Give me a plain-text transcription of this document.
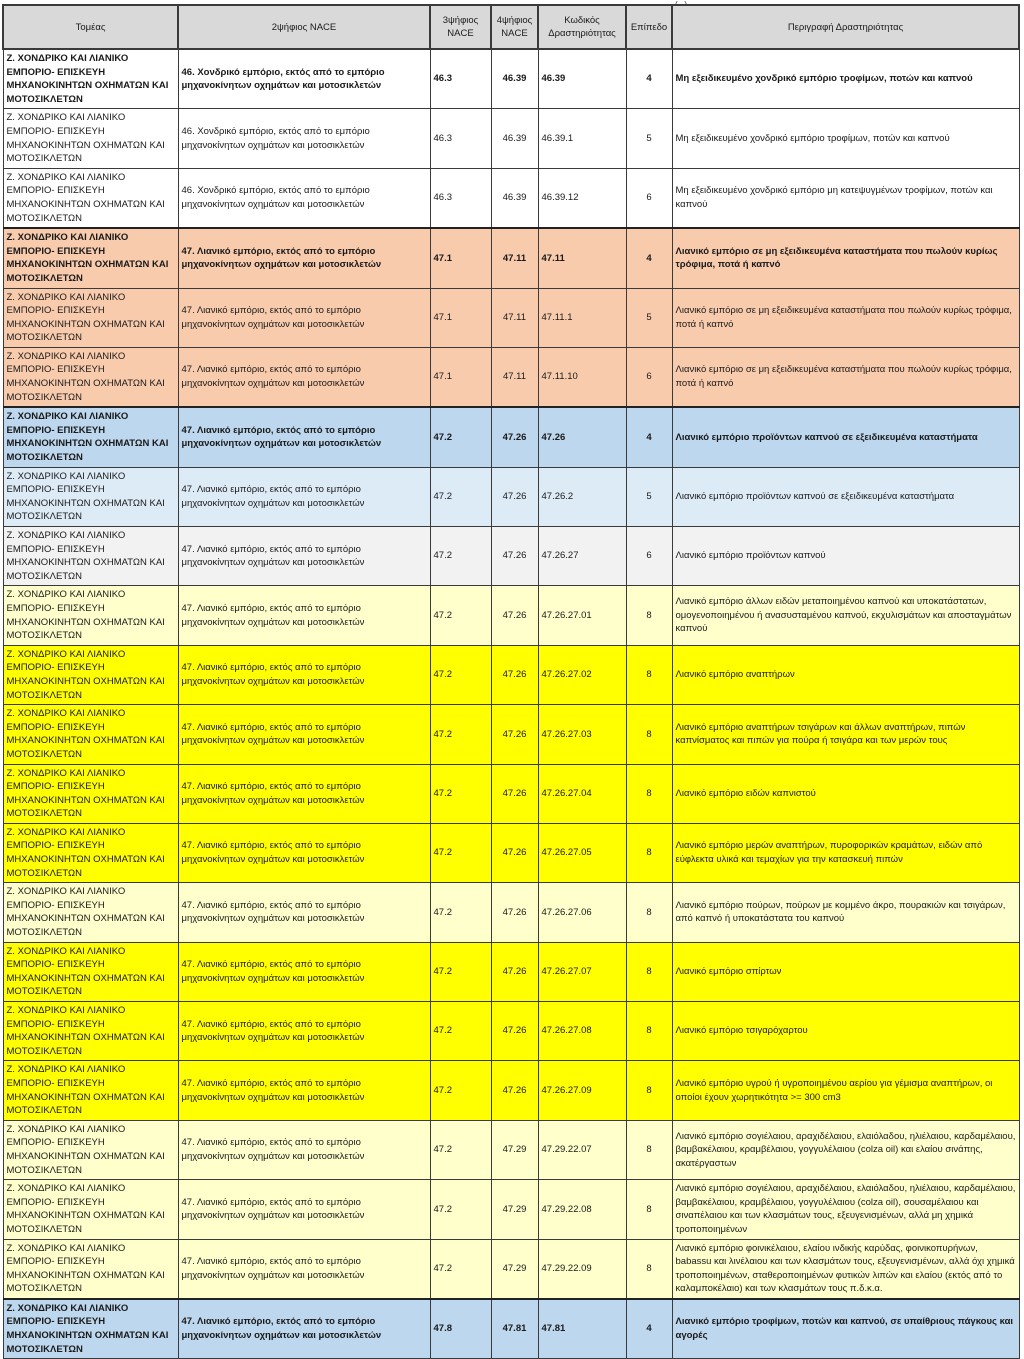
Τομέας	2ψήφιος NACE	3ψήφιος NACE	4ψήφιος NACE	Κωδικός Δραστηριότητας	Επίπεδο	Περιγραφή Δραστηριότητας
Ζ. ΧΟΝΔΡΙΚΟ ΚΑΙ ΛΙΑΝΙΚΟ ΕΜΠΟΡΙΟ- ΕΠΙΣΚΕΥΗ ΜΗΧΑΝΟΚΙΝΗΤΩΝ ΟΧΗΜΑΤΩΝ ΚΑΙ ΜΟΤΟΣΙΚΛΕΤΩΝ	46. Χονδρικό εμπόριο, εκτός από το εμπόριο μηχανοκίνητων οχημάτων και μοτοσικλετών	46.3	46.39	46.39	4	Μη εξειδικευμένο χονδρικό εμπόριο τροφίμων, ποτών και καπνού
Ζ. ΧΟΝΔΡΙΚΟ ΚΑΙ ΛΙΑΝΙΚΟ ΕΜΠΟΡΙΟ- ΕΠΙΣΚΕΥΗ ΜΗΧΑΝΟΚΙΝΗΤΩΝ ΟΧΗΜΑΤΩΝ ΚΑΙ ΜΟΤΟΣΙΚΛΕΤΩΝ	46. Χονδρικό εμπόριο, εκτός από το εμπόριο μηχανοκίνητων οχημάτων και μοτοσικλετών	46.3	46.39	46.39.1	5	Μη εξειδικευμένο χονδρικό εμπόριο τροφίμων, ποτών και καπνού
Ζ. ΧΟΝΔΡΙΚΟ ΚΑΙ ΛΙΑΝΙΚΟ ΕΜΠΟΡΙΟ- ΕΠΙΣΚΕΥΗ ΜΗΧΑΝΟΚΙΝΗΤΩΝ ΟΧΗΜΑΤΩΝ ΚΑΙ ΜΟΤΟΣΙΚΛΕΤΩΝ	46. Χονδρικό εμπόριο, εκτός από το εμπόριο μηχανοκίνητων οχημάτων και μοτοσικλετών	46.3	46.39	46.39.12	6	Μη εξειδικευμένο χονδρικό εμπόριο μη κατεψυγμένων τροφίμων, ποτών και καπνού
Ζ. ΧΟΝΔΡΙΚΟ ΚΑΙ ΛΙΑΝΙΚΟ ΕΜΠΟΡΙΟ- ΕΠΙΣΚΕΥΗ ΜΗΧΑΝΟΚΙΝΗΤΩΝ ΟΧΗΜΑΤΩΝ ΚΑΙ ΜΟΤΟΣΙΚΛΕΤΩΝ	47. Λιανικό εμπόριο, εκτός από το εμπόριο μηχανοκίνητων οχημάτων και μοτοσικλετών	47.1	47.11	47.11	4	Λιανικό εμπόριο σε μη εξειδικευμένα καταστήματα που πωλούν κυρίως τρόφιμα, ποτά ή καπνό
Ζ. ΧΟΝΔΡΙΚΟ ΚΑΙ ΛΙΑΝΙΚΟ ΕΜΠΟΡΙΟ- ΕΠΙΣΚΕΥΗ ΜΗΧΑΝΟΚΙΝΗΤΩΝ ΟΧΗΜΑΤΩΝ ΚΑΙ ΜΟΤΟΣΙΚΛΕΤΩΝ	47. Λιανικό εμπόριο, εκτός από το εμπόριο μηχανοκίνητων οχημάτων και μοτοσικλετών	47.1	47.11	47.11.1	5	Λιανικό εμπόριο σε μη εξειδικευμένα καταστήματα που πωλούν κυρίως τρόφιμα, ποτά ή καπνό
Ζ. ΧΟΝΔΡΙΚΟ ΚΑΙ ΛΙΑΝΙΚΟ ΕΜΠΟΡΙΟ- ΕΠΙΣΚΕΥΗ ΜΗΧΑΝΟΚΙΝΗΤΩΝ ΟΧΗΜΑΤΩΝ ΚΑΙ ΜΟΤΟΣΙΚΛΕΤΩΝ	47. Λιανικό εμπόριο, εκτός από το εμπόριο μηχανοκίνητων οχημάτων και μοτοσικλετών	47.1	47.11	47.11.10	6	Λιανικό εμπόριο σε μη εξειδικευμένα καταστήματα που πωλούν κυρίως τρόφιμα, ποτά ή καπνό
Ζ. ΧΟΝΔΡΙΚΟ ΚΑΙ ΛΙΑΝΙΚΟ ΕΜΠΟΡΙΟ- ΕΠΙΣΚΕΥΗ ΜΗΧΑΝΟΚΙΝΗΤΩΝ ΟΧΗΜΑΤΩΝ ΚΑΙ ΜΟΤΟΣΙΚΛΕΤΩΝ	47. Λιανικό εμπόριο, εκτός από το εμπόριο μηχανοκίνητων οχημάτων και μοτοσικλετών	47.2	47.26	47.26	4	Λιανικό εμπόριο προϊόντων καπνού σε εξειδικευμένα καταστήματα
Ζ. ΧΟΝΔΡΙΚΟ ΚΑΙ ΛΙΑΝΙΚΟ ΕΜΠΟΡΙΟ- ΕΠΙΣΚΕΥΗ ΜΗΧΑΝΟΚΙΝΗΤΩΝ ΟΧΗΜΑΤΩΝ ΚΑΙ ΜΟΤΟΣΙΚΛΕΤΩΝ	47. Λιανικό εμπόριο, εκτός από το εμπόριο μηχανοκίνητων οχημάτων και μοτοσικλετών	47.2	47.26	47.26.2	5	Λιανικό εμπόριο προϊόντων καπνού σε εξειδικευμένα καταστήματα
Ζ. ΧΟΝΔΡΙΚΟ ΚΑΙ ΛΙΑΝΙΚΟ ΕΜΠΟΡΙΟ- ΕΠΙΣΚΕΥΗ ΜΗΧΑΝΟΚΙΝΗΤΩΝ ΟΧΗΜΑΤΩΝ ΚΑΙ ΜΟΤΟΣΙΚΛΕΤΩΝ	47. Λιανικό εμπόριο, εκτός από το εμπόριο μηχανοκίνητων οχημάτων και μοτοσικλετών	47.2	47.26	47.26.27	6	Λιανικό εμπόριο προϊόντων καπνού
Ζ. ΧΟΝΔΡΙΚΟ ΚΑΙ ΛΙΑΝΙΚΟ ΕΜΠΟΡΙΟ- ΕΠΙΣΚΕΥΗ ΜΗΧΑΝΟΚΙΝΗΤΩΝ ΟΧΗΜΑΤΩΝ ΚΑΙ ΜΟΤΟΣΙΚΛΕΤΩΝ	47. Λιανικό εμπόριο, εκτός από το εμπόριο μηχανοκίνητων οχημάτων και μοτοσικλετών	47.2	47.26	47.26.27.01	8	Λιανικό εμπόριο άλλων ειδών μεταποιημένου καπνού και υποκατάστατων, ομογενοποιημένου ή ανασυσταμένου καπνού, εκχυλισμάτων και αποσταγμάτων καπνού
Ζ. ΧΟΝΔΡΙΚΟ ΚΑΙ ΛΙΑΝΙΚΟ ΕΜΠΟΡΙΟ- ΕΠΙΣΚΕΥΗ ΜΗΧΑΝΟΚΙΝΗΤΩΝ ΟΧΗΜΑΤΩΝ ΚΑΙ ΜΟΤΟΣΙΚΛΕΤΩΝ	47. Λιανικό εμπόριο, εκτός από το εμπόριο μηχανοκίνητων οχημάτων και μοτοσικλετών	47.2	47.26	47.26.27.02	8	Λιανικό εμπόριο αναπτήρων
Ζ. ΧΟΝΔΡΙΚΟ ΚΑΙ ΛΙΑΝΙΚΟ ΕΜΠΟΡΙΟ- ΕΠΙΣΚΕΥΗ ΜΗΧΑΝΟΚΙΝΗΤΩΝ ΟΧΗΜΑΤΩΝ ΚΑΙ ΜΟΤΟΣΙΚΛΕΤΩΝ	47. Λιανικό εμπόριο, εκτός από το εμπόριο μηχανοκίνητων οχημάτων και μοτοσικλετών	47.2	47.26	47.26.27.03	8	Λιανικό εμπόριο αναπτήρων τσιγάρων και άλλων αναπτήρων, πιπών καπνίσματος και πιπών για πούρα ή τσιγάρα και των μερών τους
Ζ. ΧΟΝΔΡΙΚΟ ΚΑΙ ΛΙΑΝΙΚΟ ΕΜΠΟΡΙΟ- ΕΠΙΣΚΕΥΗ ΜΗΧΑΝΟΚΙΝΗΤΩΝ ΟΧΗΜΑΤΩΝ ΚΑΙ ΜΟΤΟΣΙΚΛΕΤΩΝ	47. Λιανικό εμπόριο, εκτός από το εμπόριο μηχανοκίνητων οχημάτων και μοτοσικλετών	47.2	47.26	47.26.27.04	8	Λιανικό εμπόριο ειδών καπνιστού
Ζ. ΧΟΝΔΡΙΚΟ ΚΑΙ ΛΙΑΝΙΚΟ ΕΜΠΟΡΙΟ- ΕΠΙΣΚΕΥΗ ΜΗΧΑΝΟΚΙΝΗΤΩΝ ΟΧΗΜΑΤΩΝ ΚΑΙ ΜΟΤΟΣΙΚΛΕΤΩΝ	47. Λιανικό εμπόριο, εκτός από το εμπόριο μηχανοκίνητων οχημάτων και μοτοσικλετών	47.2	47.26	47.26.27.05	8	Λιανικό εμπόριο μερών αναπτήρων, πυροφορικών κραμάτων, ειδών από εύφλεκτα υλικά και τεμαχίων για την κατασκευή πιπών
Ζ. ΧΟΝΔΡΙΚΟ ΚΑΙ ΛΙΑΝΙΚΟ ΕΜΠΟΡΙΟ- ΕΠΙΣΚΕΥΗ ΜΗΧΑΝΟΚΙΝΗΤΩΝ ΟΧΗΜΑΤΩΝ ΚΑΙ ΜΟΤΟΣΙΚΛΕΤΩΝ	47. Λιανικό εμπόριο, εκτός από το εμπόριο μηχανοκίνητων οχημάτων και μοτοσικλετών	47.2	47.26	47.26.27.06	8	Λιανικό εμπόριο πούρων, πούρων με κομμένο άκρο, πουρακιών και τσιγάρων, από καπνό ή υποκατάστατα του καπνού
Ζ. ΧΟΝΔΡΙΚΟ ΚΑΙ ΛΙΑΝΙΚΟ ΕΜΠΟΡΙΟ- ΕΠΙΣΚΕΥΗ ΜΗΧΑΝΟΚΙΝΗΤΩΝ ΟΧΗΜΑΤΩΝ ΚΑΙ ΜΟΤΟΣΙΚΛΕΤΩΝ	47. Λιανικό εμπόριο, εκτός από το εμπόριο μηχανοκίνητων οχημάτων και μοτοσικλετών	47.2	47.26	47.26.27.07	8	Λιανικό εμπόριο σπίρτων
Ζ. ΧΟΝΔΡΙΚΟ ΚΑΙ ΛΙΑΝΙΚΟ ΕΜΠΟΡΙΟ- ΕΠΙΣΚΕΥΗ ΜΗΧΑΝΟΚΙΝΗΤΩΝ ΟΧΗΜΑΤΩΝ ΚΑΙ ΜΟΤΟΣΙΚΛΕΤΩΝ	47. Λιανικό εμπόριο, εκτός από το εμπόριο μηχανοκίνητων οχημάτων και μοτοσικλετών	47.2	47.26	47.26.27.08	8	Λιανικό εμπόριο τσιγαρόχαρτου
Ζ. ΧΟΝΔΡΙΚΟ ΚΑΙ ΛΙΑΝΙΚΟ ΕΜΠΟΡΙΟ- ΕΠΙΣΚΕΥΗ ΜΗΧΑΝΟΚΙΝΗΤΩΝ ΟΧΗΜΑΤΩΝ ΚΑΙ ΜΟΤΟΣΙΚΛΕΤΩΝ	47. Λιανικό εμπόριο, εκτός από το εμπόριο μηχανοκίνητων οχημάτων και μοτοσικλετών	47.2	47.26	47.26.27.09	8	Λιανικό εμπόριο υγρού ή υγροποιημένου αερίου για γέμισμα αναπτήρων, οι οποίοι έχουν χωρητικότητα >= 300 cm3
Ζ. ΧΟΝΔΡΙΚΟ ΚΑΙ ΛΙΑΝΙΚΟ ΕΜΠΟΡΙΟ- ΕΠΙΣΚΕΥΗ ΜΗΧΑΝΟΚΙΝΗΤΩΝ ΟΧΗΜΑΤΩΝ ΚΑΙ ΜΟΤΟΣΙΚΛΕΤΩΝ	47. Λιανικό εμπόριο, εκτός από το εμπόριο μηχανοκίνητων οχημάτων και μοτοσικλετών	47.2	47.29	47.29.22.07	8	Λιανικό εμπόριο σογιέλαιου, αραχιδέλαιου, ελαιόλαδου, ηλιέλαιου, καρδαμέλαιου, βαμβακέλαιου, κραμβέλαιου, γογγυλέλαιου (colza oil) και ελαίου σινάπης, ακατέργαστων
Ζ. ΧΟΝΔΡΙΚΟ ΚΑΙ ΛΙΑΝΙΚΟ ΕΜΠΟΡΙΟ- ΕΠΙΣΚΕΥΗ ΜΗΧΑΝΟΚΙΝΗΤΩΝ ΟΧΗΜΑΤΩΝ ΚΑΙ ΜΟΤΟΣΙΚΛΕΤΩΝ	47. Λιανικό εμπόριο, εκτός από το εμπόριο μηχανοκίνητων οχημάτων και μοτοσικλετών	47.2	47.29	47.29.22.08	8	Λιανικό εμπόριο σογιέλαιου, αραχιδέλαιου, ελαιόλαδου, ηλιέλαιου, καρδαμέλαιου, βαμβακέλαιου, κραμβέλαιου, γογγυλέλαιου (colza oil), σουσαμέλαιου και σιναπέλαιου και των κλασμάτων τους, εξευγενισμένων, αλλά μη χημικά τροποποιημένων
Ζ. ΧΟΝΔΡΙΚΟ ΚΑΙ ΛΙΑΝΙΚΟ ΕΜΠΟΡΙΟ- ΕΠΙΣΚΕΥΗ ΜΗΧΑΝΟΚΙΝΗΤΩΝ ΟΧΗΜΑΤΩΝ ΚΑΙ ΜΟΤΟΣΙΚΛΕΤΩΝ	47. Λιανικό εμπόριο, εκτός από το εμπόριο μηχανοκίνητων οχημάτων και μοτοσικλετών	47.2	47.29	47.29.22.09	8	Λιανικό εμπόριο φοινικέλαιου, ελαίου ινδικής καρύδας, φοινικοπυρήνων, babassu και λινέλαιου και των κλασμάτων τους, εξευγενισμένων, αλλά όχι χημικά τροποποιημένων, σταθεροποιημένων φυτικών λιπών και ελαίου (εκτός από το καλαμποκέλαιο) και των κλασμάτων τους π.δ.κ.α.
Ζ. ΧΟΝΔΡΙΚΟ ΚΑΙ ΛΙΑΝΙΚΟ ΕΜΠΟΡΙΟ- ΕΠΙΣΚΕΥΗ ΜΗΧΑΝΟΚΙΝΗΤΩΝ ΟΧΗΜΑΤΩΝ ΚΑΙ ΜΟΤΟΣΙΚΛΕΤΩΝ	47. Λιανικό εμπόριο, εκτός από το εμπόριο μηχανοκίνητων οχημάτων και μοτοσικλετών	47.8	47.81	47.81	4	Λιανικό εμπόριο τροφίμων, ποτών και καπνού, σε υπαίθριους πάγκους και αγορές
